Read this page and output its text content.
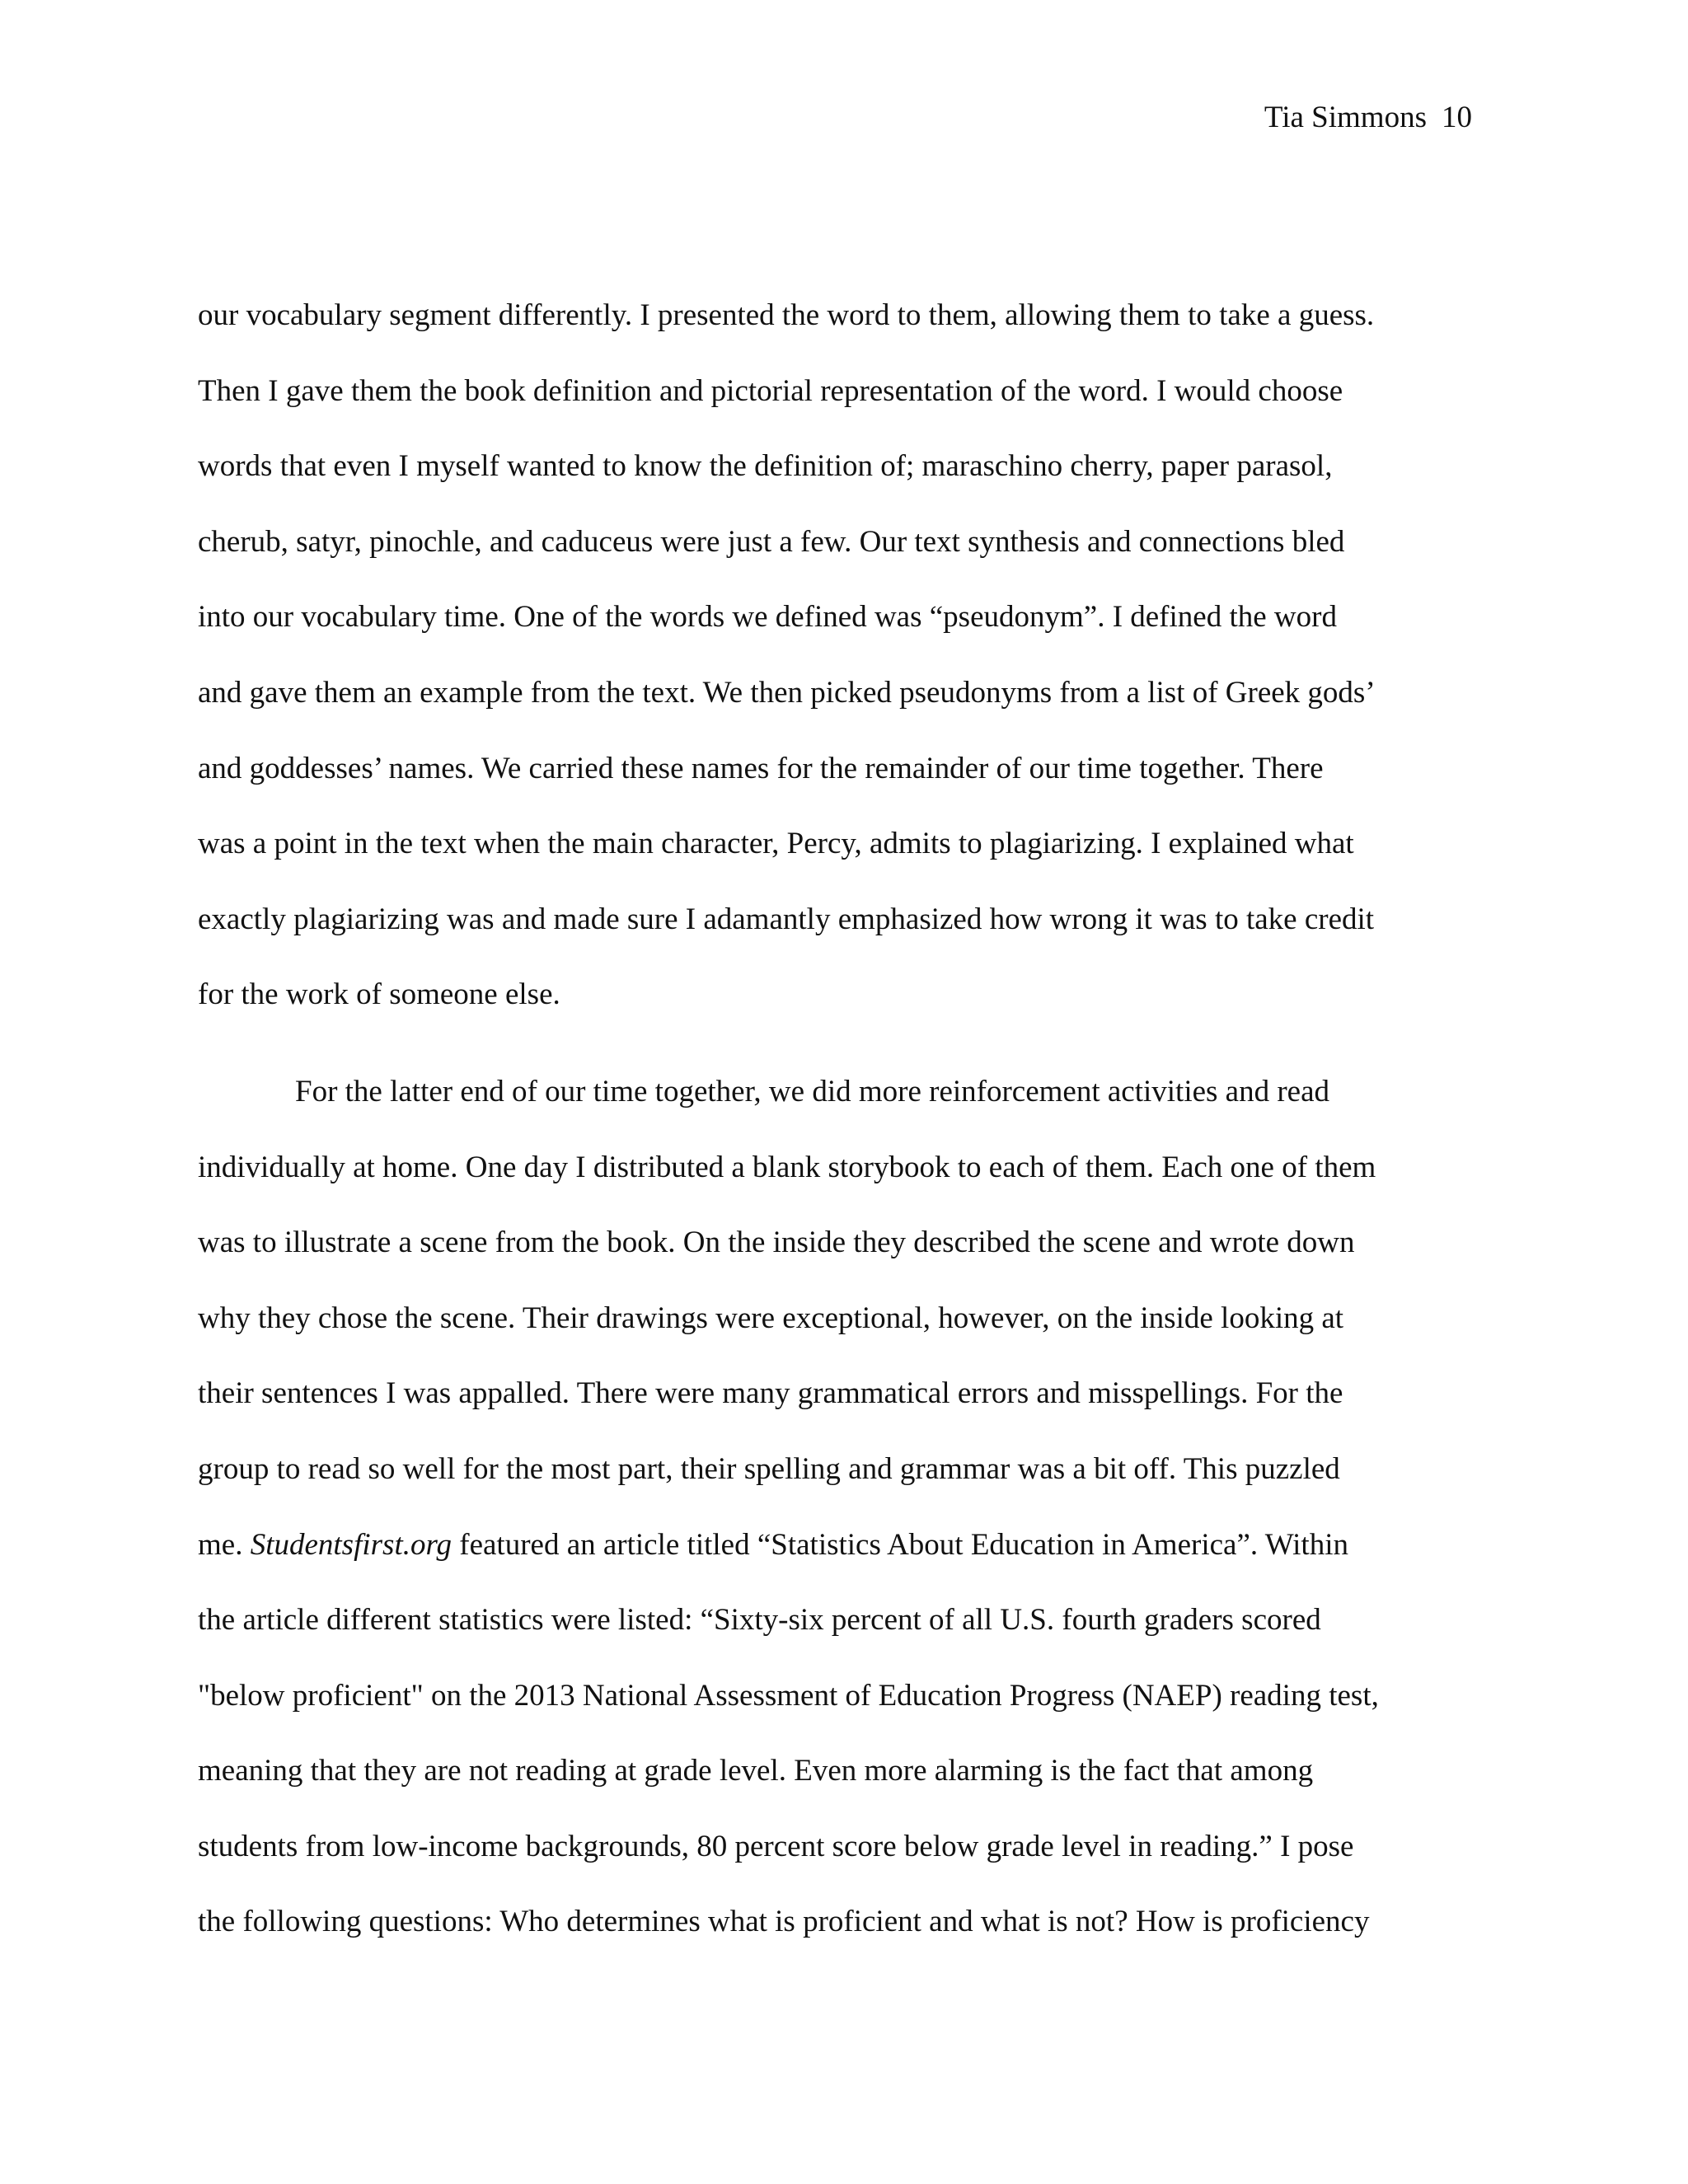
Tia Simmons 10
our vocabulary segment differently. I presented the word to them, allowing them to take a guess.
Then I gave them the book definition and pictorial representation of the word. I would choose
words that even I myself wanted to know the definition of; maraschino cherry, paper parasol,
cherub, satyr, pinochle, and caduceus were just a few. Our text synthesis and connections bled
into our vocabulary time. One of the words we defined was “pseudonym”. I defined the word
and gave them an example from the text. We then picked pseudonyms from a list of Greek gods’
and goddesses’ names. We carried these names for the remainder of our time together. There
was a point in the text when the main character, Percy, admits to plagiarizing. I explained what
exactly plagiarizing was and made sure I adamantly emphasized how wrong it was to take credit
for the work of someone else.
For the latter end of our time together, we did more reinforcement activities and read
individually at home. One day I distributed a blank storybook to each of them. Each one of them
was to illustrate a scene from the book. On the inside they described the scene and wrote down
why they chose the scene. Their drawings were exceptional, however, on the inside looking at
their sentences I was appalled. There were many grammatical errors and misspellings. For the
group to read so well for the most part, their spelling and grammar was a bit off. This puzzled
me. Studentsfirst.org featured an article titled “Statistics About Education in America”. Within
the article different statistics were listed: “Sixty-six percent of all U.S. fourth graders scored
"below proficient" on the 2013 National Assessment of Education Progress (NAEP) reading test,
meaning that they are not reading at grade level. Even more alarming is the fact that among
students from low-income backgrounds, 80 percent score below grade level in reading.” I pose
the following questions: Who determines what is proficient and what is not? How is proficiency
